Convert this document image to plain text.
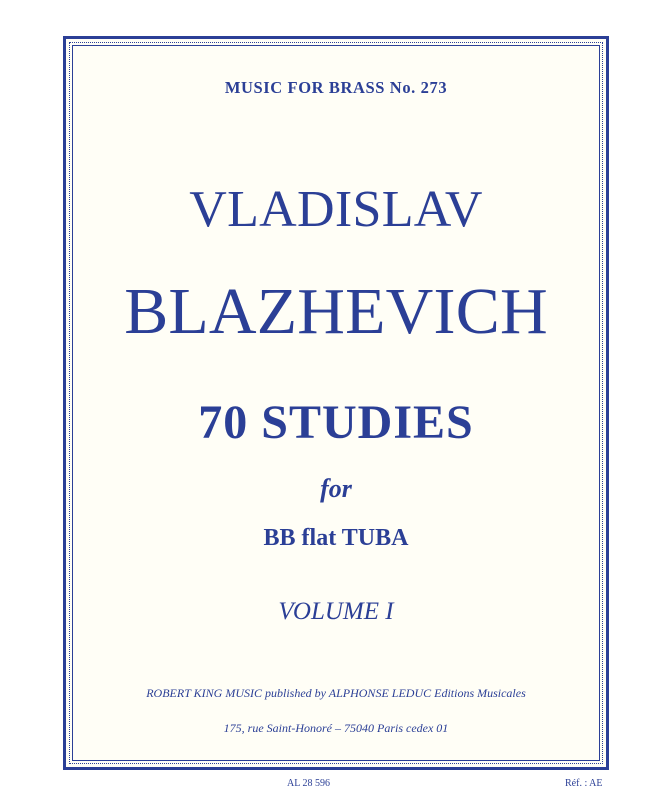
MUSIC FOR BRASS No. 273
VLADISLAV
BLAZHEVICH
70 STUDIES
for
BB flat TUBA
VOLUME I
ROBERT KING MUSIC published by ALPHONSE LEDUC Editions Musicales
175, rue Saint-Honoré – 75040 Paris cedex 01
AL 28 596	Réf. : AE
